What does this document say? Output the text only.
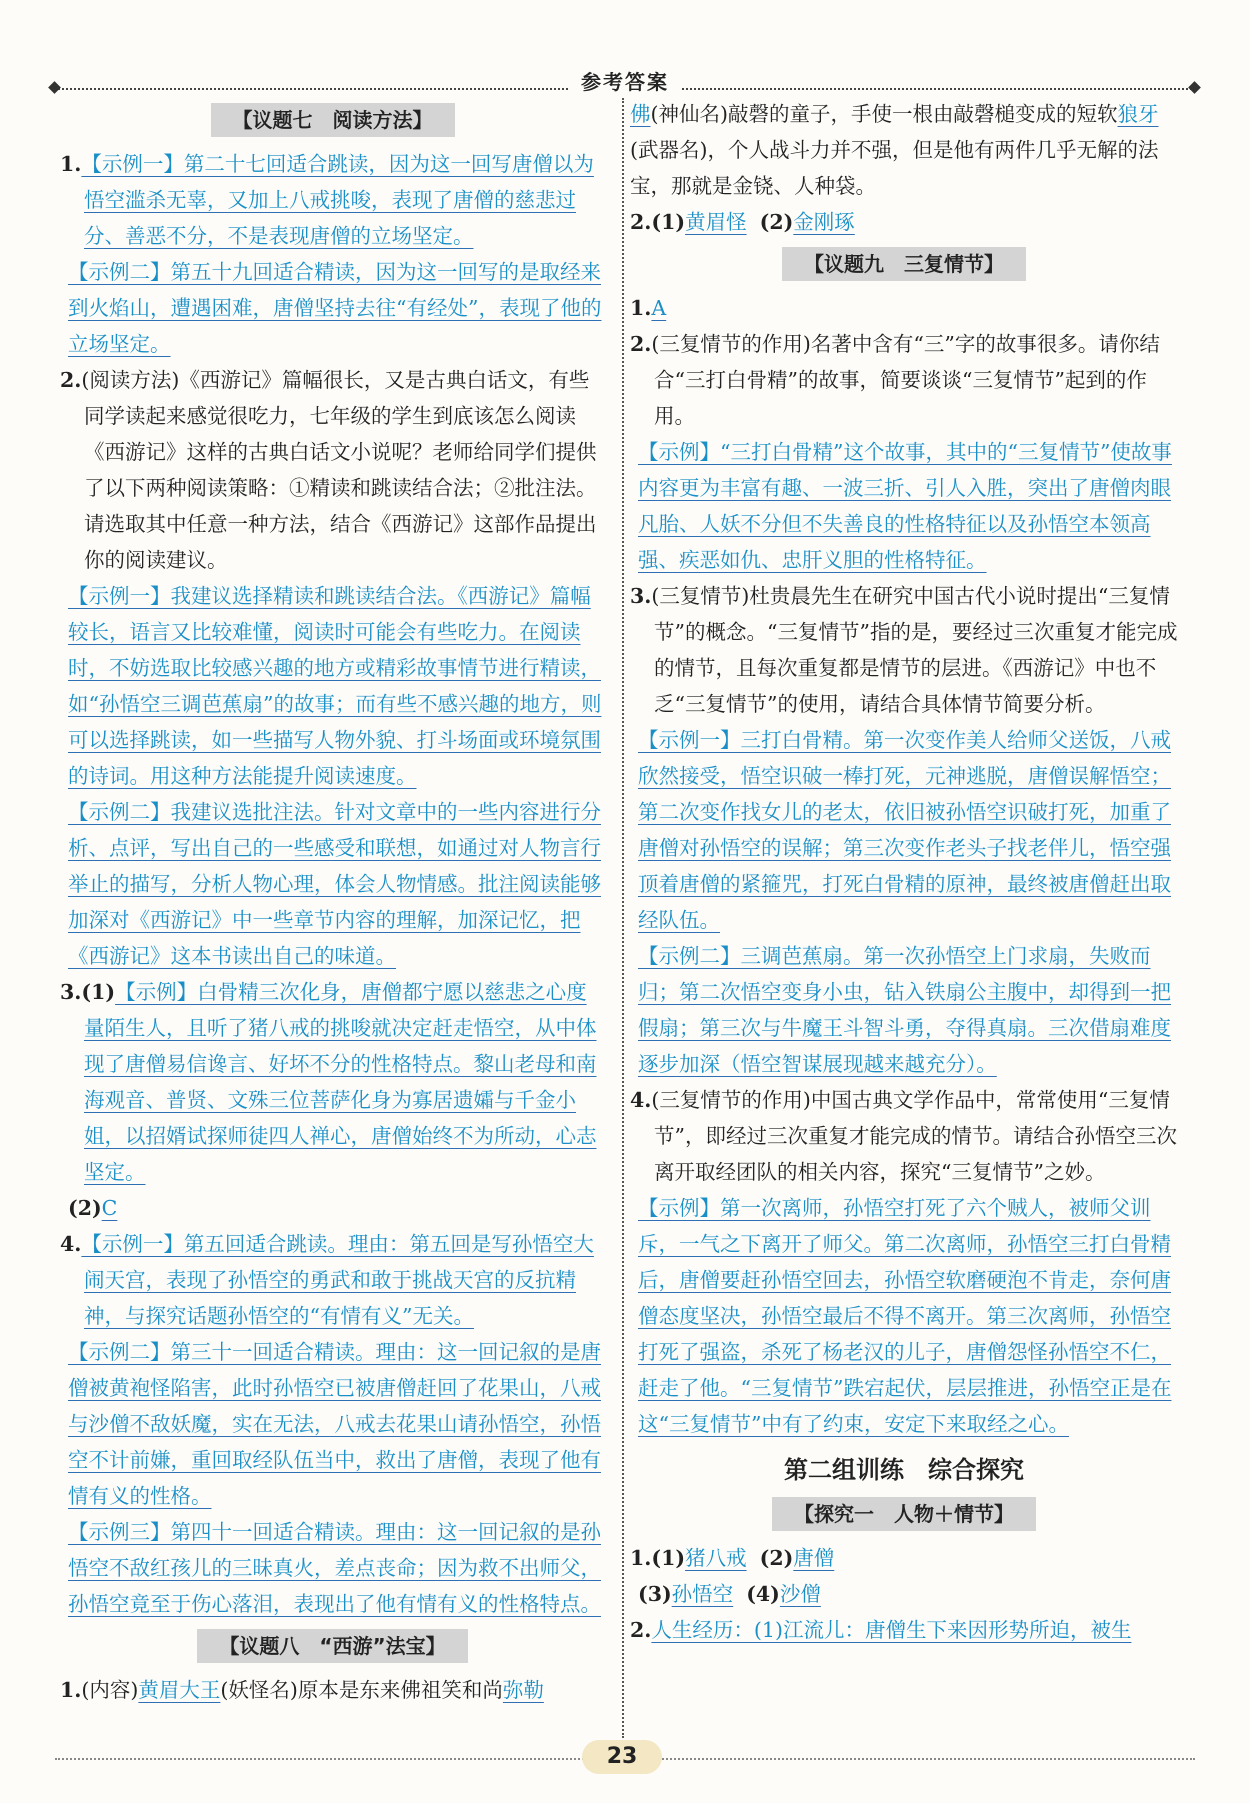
参考答案
【议题七　阅读方法】

1.【示例一】第二十七回适合跳读，因为这一回写唐僧以为悟空滥杀无辜，又加上八戒挑唆，表现了唐僧的慈悲过分、善恶不分，不是表现唐僧的立场坚定。

【示例二】第五十九回适合精读，因为这一回写的是取经来到火焰山，遭遇困难，唐僧坚持去往“有经处”，表现了他的立场坚定。

2.(阅读方法)《西游记》篇幅很长，又是古典白话文，有些同学读起来感觉很吃力，七年级的学生到底该怎么阅读《西游记》这样的古典白话文小说呢？老师给同学们提供了以下两种阅读策略：①精读和跳读结合法；②批注法。请选取其中任意一种方法，结合《西游记》这部作品提出你的阅读建议。

【示例一】我建议选择精读和跳读结合法。《西游记》篇幅较长，语言又比较难懂，阅读时可能会有些吃力。在阅读时，不妨选取比较感兴趣的地方或精彩故事情节进行精读，如“孙悟空三调芭蕉扇”的故事；而有些不感兴趣的地方，则可以选择跳读，如一些描写人物外貌、打斗场面或环境氛围的诗词。用这种方法能提升阅读速度。

【示例二】我建议选批注法。针对文章中的一些内容进行分析、点评，写出自己的一些感受和联想，如通过对人物言行举止的描写，分析人物心理，体会人物情感。批注阅读能够加深对《西游记》中一些章节内容的理解，加深记忆，把《西游记》这本书读出自己的味道。

3.(1)【示例】白骨精三次化身，唐僧都宁愿以慈悲之心度量陌生人，且听了猪八戒的挑唆就决定赶走悟空，从中体现了唐僧易信谗言、好坏不分的性格特点。黎山老母和南海观音、普贤、文殊三位菩萨化身为寡居遗孀与千金小姐，以招婿试探师徒四人禅心，唐僧始终不为所动，心志坚定。

(2)C

4.【示例一】第五回适合跳读。理由：第五回是写孙悟空大闹天宫，表现了孙悟空的勇武和敢于挑战天宫的反抗精神，与探究话题孙悟空的“有情有义”无关。

【示例二】第三十一回适合精读。理由：这一回记叙的是唐僧被黄袍怪陷害，此时孙悟空已被唐僧赶回了花果山，八戒与沙僧不敌妖魔，实在无法，八戒去花果山请孙悟空，孙悟空不计前嫌，重回取经队伍当中，救出了唐僧，表现了他有情有义的性格。

【示例三】第四十一回适合精读。理由：这一回记叙的是孙悟空不敌红孩儿的三昧真火，差点丧命；因为救不出师父，孙悟空竟至于伤心落泪，表现出了他有情有义的性格特点。

【议题八　“西游”法宝】

1.(内容)黄眉大王(妖怪名)原本是东来佛祖笑和尚弥勒

佛(神仙名)敲磬的童子，手使一根由敲磬槌变成的短软狼牙(武器名)，个人战斗力并不强，但是他有两件几乎无解的法宝，那就是金铙、人种袋。

2.(1)黄眉怪 (2)金刚琢

【议题九　三复情节】

1.A

2.(三复情节的作用)名著中含有“三”字的故事很多。请你结合“三打白骨精”的故事，简要谈谈“三复情节”起到的作用。

【示例】“三打白骨精”这个故事，其中的“三复情节”使故事内容更为丰富有趣、一波三折、引人入胜，突出了唐僧肉眼凡胎、人妖不分但不失善良的性格特征以及孙悟空本领高强、疾恶如仇、忠肝义胆的性格特征。

3.(三复情节)杜贵晨先生在研究中国古代小说时提出“三复情节”的概念。“三复情节”指的是，要经过三次重复才能完成的情节，且每次重复都是情节的层进。《西游记》中也不乏“三复情节”的使用，请结合具体情节简要分析。

【示例一】三打白骨精。第一次变作美人给师父送饭，八戒欣然接受，悟空识破一棒打死，元神逃脱，唐僧误解悟空；第二次变作找女儿的老太，依旧被孙悟空识破打死，加重了唐僧对孙悟空的误解；第三次变作老头子找老伴儿，悟空强顶着唐僧的紧箍咒，打死白骨精的原神，最终被唐僧赶出取经队伍。

【示例二】三调芭蕉扇。第一次孙悟空上门求扇，失败而归；第二次悟空变身小虫，钻入铁扇公主腹中，却得到一把假扇；第三次与牛魔王斗智斗勇，夺得真扇。三次借扇难度逐步加深（悟空智谋展现越来越充分）。

4.(三复情节的作用)中国古典文学作品中，常常使用“三复情节”，即经过三次重复才能完成的情节。请结合孙悟空三次离开取经团队的相关内容，探究“三复情节”之妙。

【示例】第一次离师，孙悟空打死了六个贼人，被师父训斥，一气之下离开了师父。第二次离师，孙悟空三打白骨精后，唐僧要赶孙悟空回去，孙悟空软磨硬泡不肯走，奈何唐僧态度坚决，孙悟空最后不得不离开。第三次离师，孙悟空打死了强盗，杀死了杨老汉的儿子，唐僧怨怪孙悟空不仁，赶走了他。“三复情节”跌宕起伏，层层推进，孙悟空正是在这“三复情节”中有了约束，安定下来取经之心。

第二组训练　综合探究
【探究一　人物＋情节】

1.(1)猪八戒 (2)唐僧

(3)孙悟空 (4)沙僧

2.人生经历：(1)江流儿：唐僧生下来因形势所迫，被生

23
